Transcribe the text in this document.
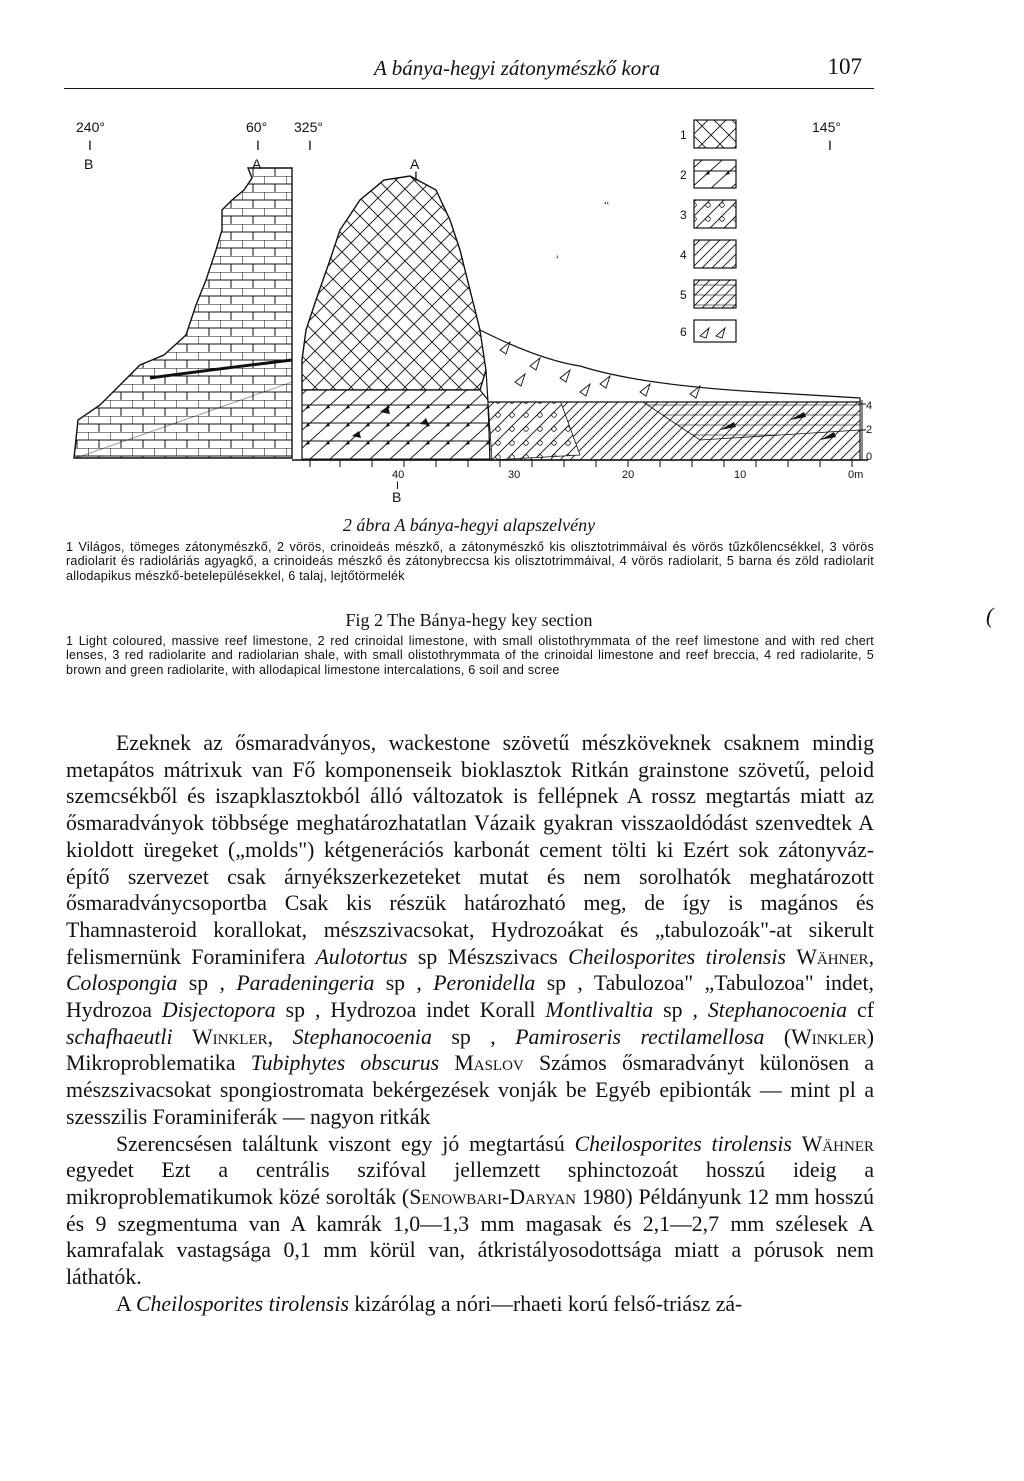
A bánya-hegyi zátonymészkő kora	107
240°
I
B
60°
I
A
325°
I
A
I
145°
I
1
2
3
4
5
6
‘‘
‘
4
2
0
40
I
B
30	20	10	0m
2 ábra A bánya-hegyi alapszelvény
1 Világos, tömeges zátonymészkő, 2 vörös, crinoideás mészkő, a zátonymészkő kis olisztotrimmáival és vörös tűzkőlencsékkel, 3 vörös radiolarit és radioláriás agyagkő, a crinoideás mészkő és zátonybreccsa kis olisztotrimmáival, 4 vörös radiolarit, 5 barna és zöld radiolarit allodapikus mészkő-betelepülésekkel, 6 talaj, lejtőtörmelék
(
Fig 2 The Bánya-hegy key section
1 Light coloured, massive reef limestone, 2 red crinoidal limestone, with small olistothrymmata of the reef limestone and with red chert lenses, 3 red radiolarite and radiolarian shale, with small olistothrymmata of the crinoidal limestone and reef breccia, 4 red radiolarite, 5 brown and green radiolarite, with allodapical limestone intercalations, 6 soil and scree

Ezeknek az ősmaradványos, wackestone szövetű mészköveknek csaknem mindig metapátos mátrixuk van Fő komponenseik bioklasztok Ritkán grainstone szövetű, peloid szemcsékből és iszapklasztokból álló változatok is fellépnek A rossz megtartás miatt az ősmaradványok többsége meghatározhatatlan Vázaik gyakran visszaoldódást szenvedtek A kioldott üregeket („molds") kétgenerációs karbonát cement tölti ki Ezért sok zátonyváz-építő szervezet csak árnyékszerkezeteket mutat és nem sorolhatók meghatározott ősmaradványcsoportba Csak kis részük határozható meg, de így is magános és Thamnasteroid korallokat, mészszivacsokat, Hydrozoákat és „tabulozoák"-at sikerult felismernünk Foraminifera Aulotortus sp Mészszivacs Cheilosporites tirolensis Wähner, Colospongia sp , Paradeningeria sp , Peronidella sp , Tabulozoa" „Tabulozoa" indet, Hydrozoa Disjectopora sp , Hydrozoa indet Korall Montlivaltia sp , Stephanocoenia cf schafhaeutli Winkler, Stephanocoenia sp , Pamiroseris rectilamellosa (Winkler) Mikroproblematika Tubiphytes obscurus Maslov Számos ősmaradványt külonösen a mészszivacsokat spongiostromata bekérgezések vonják be Egyéb epibionták — mint pl a szesszilis Foraminiferák — nagyon ritkák

Szerencsésen találtunk viszont egy jó megtartású Cheilosporites tirolensis Wähner egyedet Ezt a centrális szifóval jellemzett sphinctozoát hosszú ideig a mikroproblematikumok közé sorolták (Senowbari-Daryan 1980) Példányunk 12 mm hosszú és 9 szegmentuma van A kamrák 1,0—1,3 mm magasak és 2,1—2,7 mm szélesek A kamrafalak vastagsága 0,1 mm körül van, átkristályosodottsága miatt a pórusok nem láthatók.

A Cheilosporites tirolensis kizárólag a nóri—rhaeti korú felső-triász zá-
